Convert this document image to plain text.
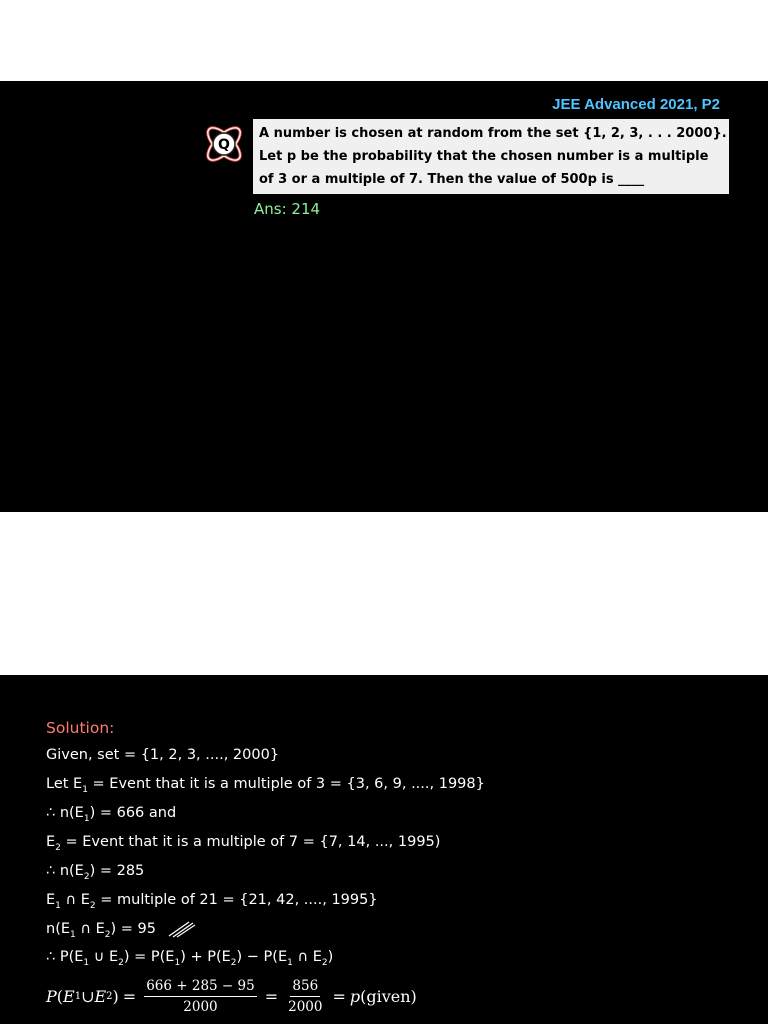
JEE Advanced 2021, P2
Q
A number is chosen at random from the set {1, 2, 3, . . . 2000}.
Let p be the probability that the chosen number is a multiple
of 3 or a multiple of 7. Then the value of 500p is ____
Ans: 214
Solution:
Given, set = {1, 2, 3, ...., 2000}
Let $E_1$ = Event that it is a multiple of 3 = {3, 6, 9, ...., 1998}
∴ $n(E_1) = 666$ and
$E_2$ = Event that it is a multiple of 7 = {7, 14, ..., 1995)
∴ $n(E_2) = 285$
$E_1$ ∩ $E_2$ = multiple of 21 = {21, 42, ...., 1995}
$n(E_1$ ∩ $E_2) = 95$
∴ $P(E_1$ ∪ $E_2) = P(E_1) + P(E_2) - P(E_1$ ∩ $E_2$)
P ( E 1 ∪ E 2 ) = $\frac{666 + 285 - 95}{2000} = \frac{856}{2000} = p$ (given)
